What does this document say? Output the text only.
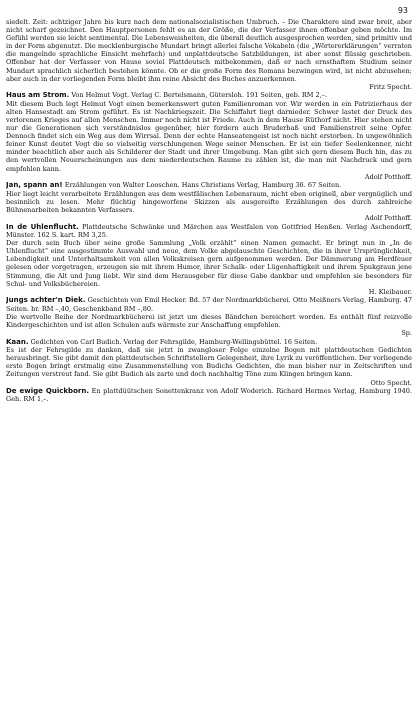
93

siedelt. Zeit: achtziger Jahre bis kurz nach dem nationalsozialistischen Umbruch. – Die Charaktere sind zwar breit, aber nicht scharf gezeichnet. Den Hauptpersonen fehlt es an der Größe, die der Verfasser ihnen offenbar geben möchte. Im Gefühl werden sie leicht sentimental. Die Lebensweisheiten, die überall deutlich ausgesprochen werden, sind primitiv und in der Form abgenutzt. Die mecklenburgische Mundart bringt allerlei falsche Vokabeln (die „Wörtererklärungen“ verraten die mangelnde sprachliche Einsicht mehrfach) und unplattdeutsche Satzbildungen, ist aber sonst flüssig geschrieben. Offenbar hat der Verfasser von Hause soviel Plattdeutsch mitbekommen, daß er nach ernsthaftem Studium seiner Mundart sprachlich sicherlich bestehen könnte. Ob er die große Form des Romans bezwingen wird, ist nicht abzusehen; aber auch in der vorliegenden Form bleibt ihm reine Absicht des Buches anzuerkennen.

Fritz Specht.

Haus am Strom. Von Helmut Vogt. Verlag C. Bertelsmann, Gütersloh. 191 Seiten, geb. RM 2,–.

Mit diesem Buch legt Helmut Vogt einen bemerkenswert guten Familienroman vor. Wir werden in ein Patrizierhaus der alten Hansestadt am Strom geführt. Es ist Nachkriegszeit. Die Schiffahrt liegt darnieder. Schwer lastet der Druck des verlorenen Krieges auf allen Menschen. Immer noch nicht ist Friede. Auch in dem Hause Rüthorf nicht. Hier stehen nicht nur die Generationen sich verständnislos gegenüber, hier fordern auch Bruderhaß und Familienstreit seine Opfer. Dennoch findet sich ein Weg aus dem Wirrsal. Denn der echte Hanseatengeist ist noch nicht erstorben. In ungewöhnlich feiner Kunst deutet Vogt die so vielseitig verschlungenen Wege seiner Menschen. Er ist ein tiefer Seelenkenner, nicht minder beachtlich aber auch als Schilderer der Stadt und ihrer Umgebung. Man gibt sich gern diesem Buch hin, das zu den wertvollen Neuerscheinungen aus dem niederdeutschen Raume zu zählen ist, die man mit Nachdruck und gern empfehlen kann.

Adolf Potthoff.

Jan, spann an! Erzählungen von Walter Looschen. Hans Christians Verlag, Hamburg 36. 67 Seiten.

Hier liegt leicht verarbeitete Erzählungen aus dem westfälischen Lebensraum, nicht eben originell, aber vergnüglich und besinnlich zu lesen. Mehr flüchtig hingeworfene Skizzen als ausgereifte Erzählungen des durch zahlreiche Bühnenarbeiten bekannten Verfassers.

Adolf Potthoff.

In de Uhlenflucht. Plattdeutsche Schwänke und Märchen aus Westfalen von Gottfried Henßen. Verlag Aschendorff, Münster. 162 S. kart. RM 3,25.

Der durch sein Buch über seine große Sammlung „Volk erzählt“ einen Namen gemacht. Er bringt nun in „In de Uhlenflucht“ eine ausgestimmte Auswahl und neue, dem Volke abgelauschte Geschichten, die in ihrer Ursprünglichkeit, Lebendigkeit und Unterhaltsamkeit von allen Volkskreisen gern aufgenommen werden. Der Dämmerung am Herdfeuer gelesen oder vorgetragen, erzeugen sie mit ihrem Humor, ihrer Schalk- oder Lügenhaftigkeit und ihrem Spukgraun jene Stimmung, die Alt und Jung liebt. Wir sind dem Herausgeber für diese Gabe dankbar und empfehlen sie besonders für Schul- und Volksbüchereien.

H. Kleibauer.

Jungs achter'n Diek. Geschichten von Emil Hecker. Bd. 57 der Nordmarkbücherei. Otto Meißners Verlag, Hamburg. 47 Seiten. br. RM –,40, Geschenkband RM –,80.

Die wertvolle Reihe der Nordmarkbücherei ist jetzt um dieses Bändchen bereichert worden. Es enthält fünf reizvolle Kindergeschichten und ist allen Schulen aufs wärmste zur Anschaffung empfohlen.

Sp.

Kaan. Gedichten von Carl Budich. Verlag der Fehrsgilde, Hamburg-Wellingsbüttel. 16 Seiten.

Es ist der Fehrsgilde zu danken, daß sie jetzt in zwangloser Folge einzelne Bogen mit plattdeutschen Gedichten herausbringt. Sie gibt damit den plattdeutschen Schriftstellern Gelegenheit, ihre Lyrik zu veröffentlichen. Der vorliegende erste Bogen bringt erstmalig eine Zusammenstellung von Budichs Gedichten, die man bisher nur in Zeitschriften und Zeitungen verstreut fand. Sie gibt Budich als zarte und doch nachhaltig Töne zum Klingen bringen kann.

Otto Specht.

De ewige Quickborn. En plattdüütschen Sonettenkranz von Adolf Woderich. Richard Hermes Verlag, Hamburg 1940. Geh. RM 1,–.
